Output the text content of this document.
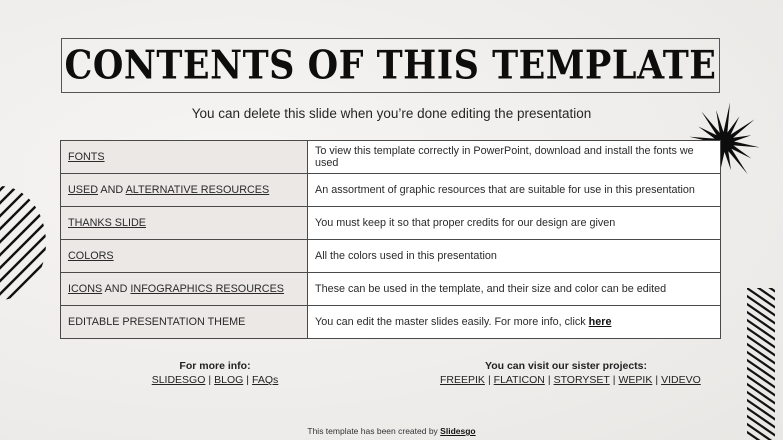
CONTENTS OF THIS TEMPLATE
You can delete this slide when you’re done editing the presentation
FONTS	To view this template correctly in PowerPoint, download and install the fonts we used
USED AND ALTERNATIVE RESOURCES	An assortment of graphic resources that are suitable for use in this presentation
THANKS SLIDE	You must keep it so that proper credits for our design are given
COLORS	All the colors used in this presentation
ICONS AND INFOGRAPHICS RESOURCES	These can be used in the template, and their size and color can be edited
EDITABLE PRESENTATION THEME	You can edit the master slides easily. For more info, click here
For more info:
SLIDESGO | BLOG | FAQs
You can visit our sister projects:
FREEPIK | FLATICON | STORYSET | WEPIK | VIDEVO
This template has been created by Slidesgo
